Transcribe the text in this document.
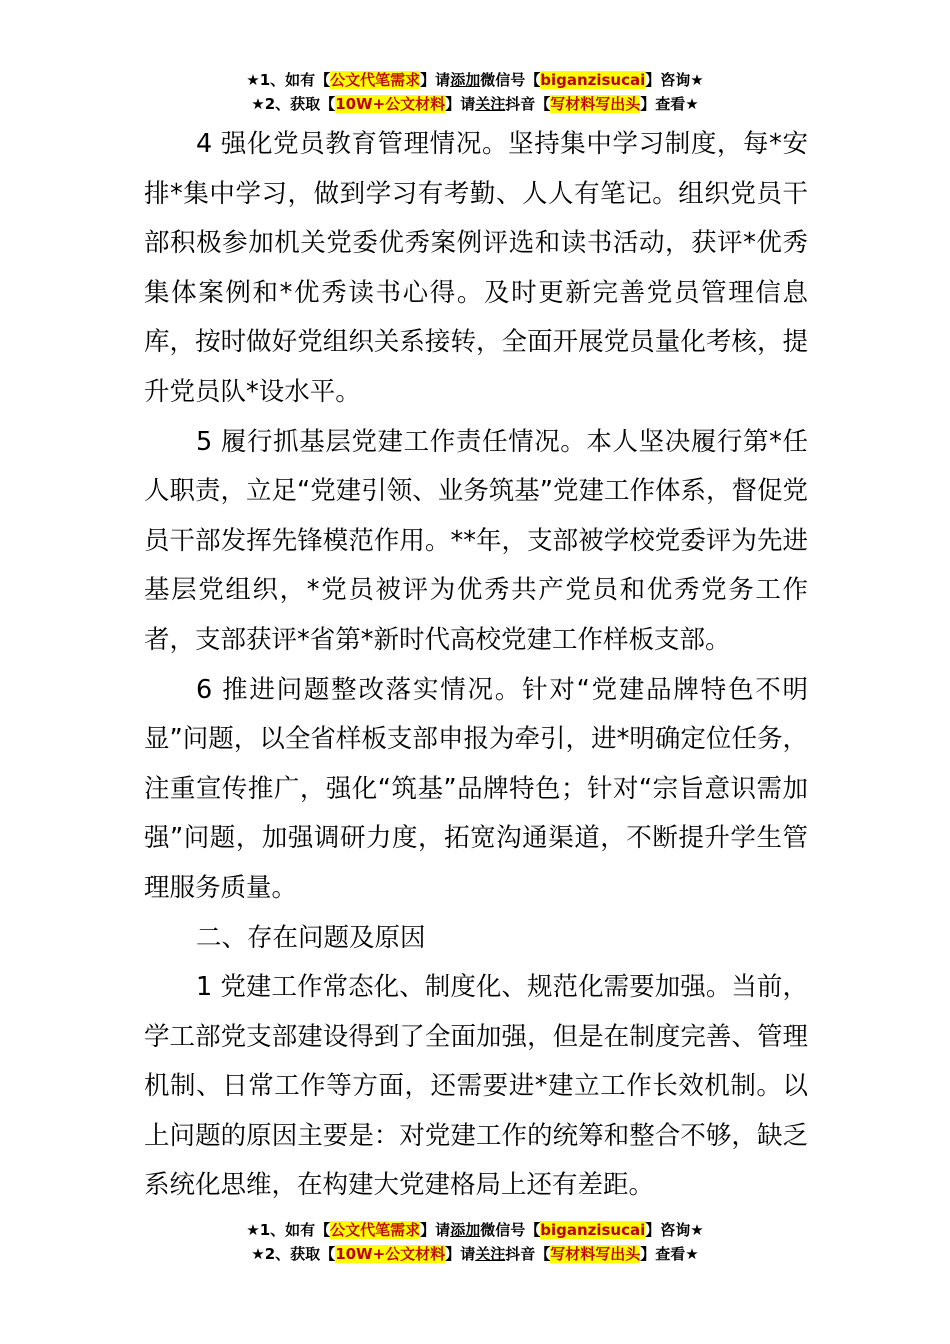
★1、如有【公文代笔需求】请添加微信号【biganzisucai】咨询★
★2、获取【10W+公文材料】请关注抖音【写材料写出头】查看★

4 强化党员教育管理情况。坚持集中学习制度，每*安排*集中学习，做到学习有考勤、人人有笔记。组织党员干部积极参加机关党委优秀案例评选和读书活动，获评*优秀集体案例和*优秀读书心得。及时更新完善党员管理信息库，按时做好党组织关系接转，全面开展党员量化考核，提升党员队*设水平。

5 履行抓基层党建工作责任情况。本人坚决履行第*任人职责，立足“党建引领、业务筑基”党建工作体系，督促党员干部发挥先锋模范作用。**年，支部被学校党委评为先进基层党组织，*党员被评为优秀共产党员和优秀党务工作者，支部获评*省第*新时代高校党建工作样板支部。

6 推进问题整改落实情况。针对“党建品牌特色不明显”问题，以全省样板支部申报为牵引，进*明确定位任务，注重宣传推广，强化“筑基”品牌特色；针对“宗旨意识需加强”问题，加强调研力度，拓宽沟通渠道，不断提升学生管理服务质量。

二、存在问题及原因

1 党建工作常态化、制度化、规范化需要加强。当前，学工部党支部建设得到了全面加强，但是在制度完善、管理机制、日常工作等方面，还需要进*建立工作长效机制。以上问题的原因主要是：对党建工作的统筹和整合不够，缺乏系统化思维，在构建大党建格局上还有差距。

★1、如有【公文代笔需求】请添加微信号【biganzisucai】咨询★
★2、获取【10W+公文材料】请关注抖音【写材料写出头】查看★
